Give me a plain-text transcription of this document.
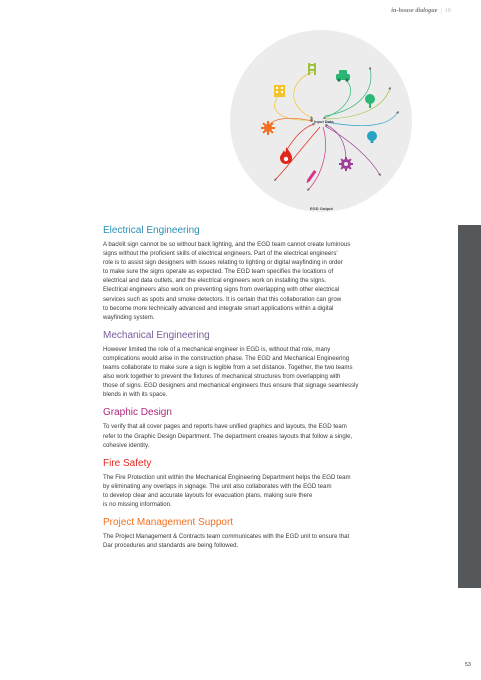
in-house dialogue | 18
Input Data
EGD Output
Electrical Engineering

A backlit sign cannot be so without back lighting, and the EGD team cannot create luminous
signs without the proficient skills of electrical engineers. Part of the electrical engineers’
role is to assist sign designers with issues relating to lighting or digital wayfinding in order
to make sure the signs operate as expected. The EGD team specifies the locations of
electrical and data outlets, and the electrical engineers work on installing the signs.
Electrical engineers also work on preventing signs from overlapping with other electrical
services such as spots and smoke detectors. It is certain that this collaboration can grow
to become more technically advanced and integrate smart applications within a digital
wayfinding system.

Mechanical Engineering

However limited the role of a mechanical engineer in EGD is, without that role, many
complications would arise in the construction phase. The EGD and Mechanical Engineering
teams collaborate to make sure a sign is legible from a set distance. Together, the two teams
also work together to prevent the fixtures of mechanical structures from overlapping with
those of signs. EGD designers and mechanical engineers thus ensure that signage seamlessly
blends in with its space.

Graphic Design

To verify that all cover pages and reports have unified graphics and layouts, the EGD team
refer to the Graphic Design Department. The department creates layouts that follow a single,
cohesive identity.

Fire Safety

The Fire Protection unit within the Mechanical Engineering Department helps the EGD team
by eliminating any overlaps in signage. The unit also collaborates with the EGD team
to develop clear and accurate layouts for evacuation plans, making sure there
is no missing information.

Project Management Support

The Project Management & Contracts team communicates with the EGD unit to ensure that
Dar procedures and standards are being followed.

53
